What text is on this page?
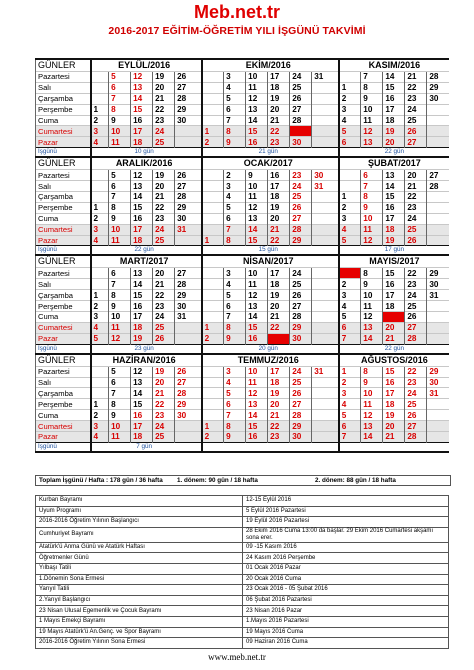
Meb.net.tr
2016-2017 EĞİTİM-ÖĞRETİM YILI İŞGÜNÜ TAKVİMİ
GÜNLER	EYLÜL/2016						EKİM/2016							KASIM/2016				
Pazartesi		5	12	19	26			3	10	17	24	31			7	14	21	28
Salı		6	13	20	27			4	11	18	25			1	8	15	22	29
Çarşamba		7	14	21	28			5	12	19	26			2	9	16	23	30
Perşembe	1	8	15	22	29			6	13	20	27			3	10	17	24	
Cuma	2	9	16	23	30			7	14	21	28			4	11	18	25	
Cumartesi	3	10	17	24			1	8	15	22	29			5	12	19	26	
Pazar	4	11	18	25			2	9	16	23	30			6	13	20	27	
İşgünü	10 gün						21 gün							22 gün				
GÜNLER	ARALIK/2016						OCAK/2017							ŞUBAT/2017				
Pazartesi		5	12	19	26			2	9	16	23	30			6	13	20	27
Salı		6	13	20	27			3	10	17	24	31			7	14	21	28
Çarşamba		7	14	21	28			4	11	18	25			1	8	15	22	
Perşembe	1	8	15	22	29			5	12	19	26			2	9	16	23	
Cuma	2	9	16	23	30			6	13	20	27			3	10	17	24	
Cumartesi	3	10	17	24	31			7	14	21	28			4	11	18	25	
Pazar	4	11	18	25			1	8	15	22	29			5	12	19	26	
İşgünü	22 gün						15 gün							17 gün				
GÜNLER	MART/2017						NİSAN/2017							MAYIS/2017				
Pazartesi		6	13	20	27			3	10	17	24			1	8	15	22	29
Salı		7	14	21	28			4	11	18	25			2	9	16	23	30
Çarşamba	1	8	15	22	29			5	12	19	26			3	10	17	24	31
Perşembe	2	9	16	23	30			6	13	20	27			4	11	18	25	
Cuma	3	10	17	24	31			7	14	21	28			5	12	19	26	
Cumartesi	4	11	18	25			1	8	15	22	29			6	13	20	27	
Pazar	5	12	19	26			2	9	16	23	30			7	14	21	28	
İşgünü	23 gün						20 gün							22 gün				
GÜNLER	HAZİRAN/2016						TEMMUZ/2016							AĞUSTOS/2016				
Pazartesi		5	12	19	26			3	10	17	24	31		1	8	15	22	29
Salı		6	13	20	27			4	11	18	25			2	9	16	23	30
Çarşamba		7	14	21	28			5	12	19	26			3	10	17	24	31
Perşembe	1	8	15	22	29			6	13	20	27			4	11	18	25	
Cuma	2	9	16	23	30			7	14	21	28			5	12	19	26	
Cumartesi	3	10	17	24			1	8	15	22	29			6	13	20	27	
Pazar	4	11	18	25			2	9	16	23	30			7	14	21	28	
İşgünü	7 gün																	
Toplam İşgünü / Hafta : 178 gün / 36 hafta	1. dönem: 90 gün / 18 hafta	2. dönem: 88 gün / 18 hafta
Kurban Bayramı	12-15 Eylül 2016
Uyum Programı	5 Eylül 2016 Pazartesi
2016-2016 Öğretim Yılının Başlangıcı	19 Eylül 2016 Pazartesi
Cumhuriyet Bayramı	28 Ekim 2016 Cuma 13:00 da başlar. 29 Ekim 2016 Cumartesi akşamı sona erer.
Atatürk'ü Anma Günü ve Atatürk Haftası	09 -15 Kasım 2016
Öğretmenler Günü	24 Kasım 2016 Perşembe
Yılbaşı Tatili	01 Ocak 2016 Pazar
1.Dönemin Sona Ermesi	20 Ocak 2016 Cuma
Yarıyıl Tatili	23 Ocak 2016 - 05 Şubat 2016
2.Yarıyıl Başlangıcı	06 Şubat 2016 Pazartesi
23 Nisan Ulusal Egemenlik ve Çocuk Bayramı	23 Nisan 2016 Pazar
1 Mayıs Emekçi Bayramı	1.Mayıs 2016 Pazartesi
19 Mayıs Atatürk'ü An.Genç. ve Spor Bayramı	19 Mayıs 2016 Cuma
2016-2016 Öğretim Yılının Sona Ermesi	09 Haziran 2016 Cuma
www.meb.net.tr
